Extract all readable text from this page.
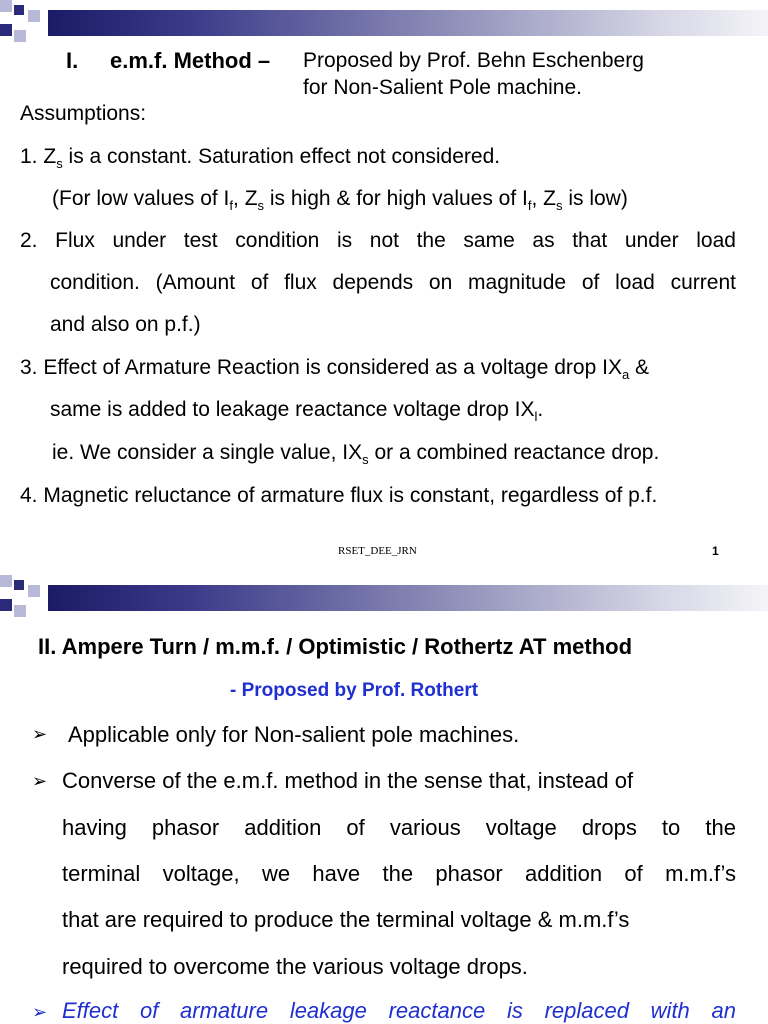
I. e.m.f. Method – Proposed by Prof. Behn Eschenberg
for Non-Salient Pole machine.
Assumptions:
1. $Z_s$ is a constant. Saturation effect not considered.
(For low values of $I_f$, $Z_s$ is high & for high values of $I_f$, $Z_s$ is low)
2. Flux under test condition is not the same as that under load
condition. (Amount of flux depends on magnitude of load current
and also on p.f.)
3. Effect of Armature Reaction is considered as a voltage drop $IX_a$ &
same is added to leakage reactance voltage drop $IX_l$.
ie. We consider a single value, $IX_s$ or a combined reactance drop.
4. Magnetic reluctance of armature flux is constant, regardless of p.f.
RSET_DEE_JRN	1
II. Ampere Turn / m.m.f. / Optimistic / Rothertz AT method
- Proposed by Prof. Rothert
➢ Applicable only for Non-salient pole machines.
➢ Converse of the e.m.f. method in the sense that, instead of
having phasor addition of various voltage drops to the
terminal voltage, we have the phasor addition of m.m.f’s
that are required to produce the terminal voltage & m.m.f’s
required to overcome the various voltage drops.
➢ Effect of armature leakage reactance is replaced with an
